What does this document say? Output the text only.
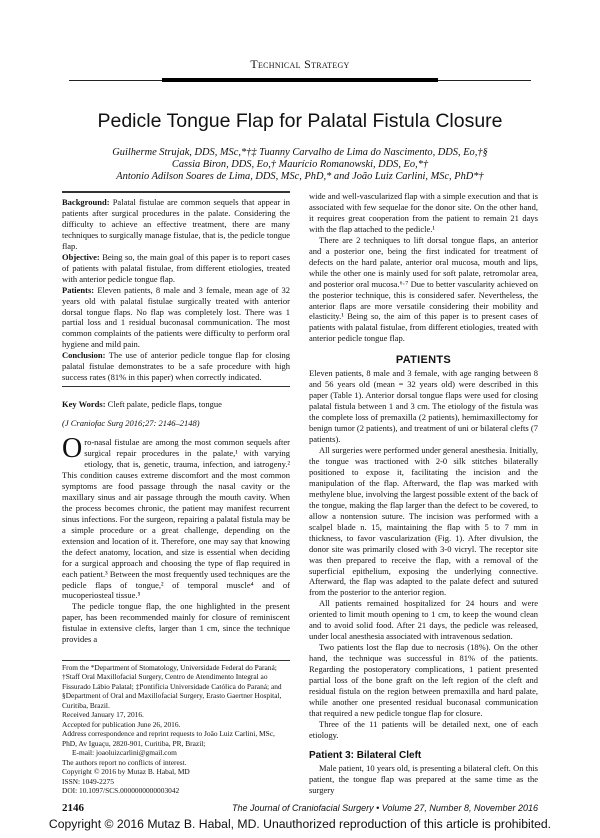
Technical Strategy
Pedicle Tongue Flap for Palatal Fistula Closure
Guilherme Strujak, DDS, MSc,*†‡ Tuanny Carvalho de Lima do Nascimento, DDS, Eo,†§
Cassia Biron, DDS, Eo,† Maurício Romanowski, DDS, Eo,*†
Antonio Adilson Soares de Lima, DDS, MSc, PhD,* and João Luiz Carlini, MSc, PhD*†

Background: Palatal fistulae are common sequels that appear in patients after surgical procedures in the palate. Considering the difficulty to achieve an effective treatment, there are many techniques to surgically manage fistulae, that is, the pedicle tongue flap.

Objective: Being so, the main goal of this paper is to report cases of patients with palatal fistulae, from different etiologies, treated with anterior pedicle tongue flap.

Patients: Eleven patients, 8 male and 3 female, mean age of 32 years old with palatal fistulae surgically treated with anterior dorsal tongue flaps. No flap was completely lost. There was 1 partial loss and 1 residual buconasal communication. The most common complaints of the patients were difficulty to perform oral hygiene and mild pain.

Conclusion: The use of anterior pedicle tongue flap for closing palatal fistulae demonstrates to be a safe procedure with high success rates (81% in this paper) when correctly indicated.

Key Words: Cleft palate, pedicle flaps, tongue
(J Craniofac Surg 2016;27: 2146–2148)

Oro-nasal fistulae are among the most common sequels after surgical repair procedures in the palate,¹ with varying etiology, that is, genetic, trauma, infection, and iatrogeny.² This condition causes extreme discomfort and the most common symptoms are food passage through the nasal cavity or the maxillary sinus and air passage through the mouth cavity. When the process becomes chronic, the patient may manifest recurrent sinus infections. For the surgeon, repairing a palatal fistula may be a simple procedure or a great challenge, depending on the extension and location of it. Therefore, one may say that knowing the defect anatomy, location, and size is essential when deciding for a surgical approach and choosing the type of flap required in each patient.³ Between the most frequently used techniques are the pedicle flaps of tongue,² of temporal muscle⁴ and of mucoperiosteal tissue.⁵

The pedicle tongue flap, the one highlighted in the present paper, has been recommended mainly for closure of reminiscent fistulae in extensive clefts, larger than 1 cm, since the technique provides a

From the *Department of Stomatology, Universidade Federal do Paraná; †Staff Oral Maxillofacial Surgery, Centro de Atendimento Integral ao Fissurado Lábio Palatal; ‡Pontifícia Universidade Católica do Paraná; and §Department of Oral and Maxillofacial Surgery, Erasto Gaertner Hospital, Curitiba, Brazil.
Received January 17, 2016.
Accepted for publication June 26, 2016.
Address correspondence and reprint requests to João Luiz Carlini, MSc, PhD, Av Iguaçu, 2820-901, Curitiba, PR, Brazil;
E-mail: joaoluizcarlini@gmail.com
The authors report no conflicts of interest.
Copyright © 2016 by Mutaz B. Habal, MD
ISSN: 1049-2275
DOI: 10.1097/SCS.0000000000003042

wide and well-vascularized flap with a simple execution and that is associated with few sequelae for the donor site. On the other hand, it requires great cooperation from the patient to remain 21 days with the flap attached to the pedicle.¹

There are 2 techniques to lift dorsal tongue flaps, an anterior and a posterior one, being the first indicated for treatment of defects on the hard palate, anterior oral mucosa, mouth and lips, while the other one is mainly used for soft palate, retromolar area, and posterior oral mucosa.⁶·⁷ Due to better vascularity achieved on the posterior technique, this is considered safer. Nevertheless, the anterior flaps are more versatile considering their mobility and elasticity.¹ Being so, the aim of this paper is to present cases of patients with palatal fistulae, from different etiologies, treated with anterior pedicle tongue flap.

PATIENTS

Eleven patients, 8 male and 3 female, with age ranging between 8 and 56 years old (mean = 32 years old) were described in this paper (Table 1). Anterior dorsal tongue flaps were used for closing palatal fistula between 1 and 3 cm. The etiology of the fistula was the complete loss of premaxilla (2 patients), hemimaxillectomy for benign tumor (2 patients), and treatment of uni or bilateral clefts (7 patients).

All surgeries were performed under general anesthesia. Initially, the tongue was tractioned with 2-0 silk stitches bilaterally positioned to expose it, facilitating the incision and the manipulation of the flap. Afterward, the flap was marked with methylene blue, involving the largest possible extent of the back of the tongue, making the flap larger than the defect to be covered, to allow a nontension suture. The incision was performed with a scalpel blade n. 15, maintaining the flap with 5 to 7 mm in thickness, to favor vascularization (Fig. 1). After divulsion, the donor site was primarily closed with 3-0 vicryl. The receptor site was then prepared to receive the flap, with a removal of the superficial epithelium, exposing the underlying connective. Afterward, the flap was adapted to the palate defect and sutured from the posterior to the anterior region.

All patients remained hospitalized for 24 hours and were oriented to limit mouth opening to 1 cm, to keep the wound clean and to avoid solid food. After 21 days, the pedicle was released, under local anesthesia associated with intravenous sedation.

Two patients lost the flap due to necrosis (18%). On the other hand, the technique was successful in 81% of the patients. Regarding the postoperatory complications, 1 patient presented partial loss of the bone graft on the left region of the cleft and residual fistula on the region between premaxilla and hard palate, while another one presented residual buconasal communication that required a new pedicle tongue flap for closure.

Three of the 11 patients will be detailed next, one of each etiology.

Patient 3: Bilateral Cleft

Male patient, 10 years old, is presenting a bilateral cleft. On this patient, the tongue flap was prepared at the same time as the surgery

2146	The Journal of Craniofacial Surgery • Volume 27, Number 8, November 2016
Copyright © 2016 Mutaz B. Habal, MD. Unauthorized reproduction of this article is prohibited.
